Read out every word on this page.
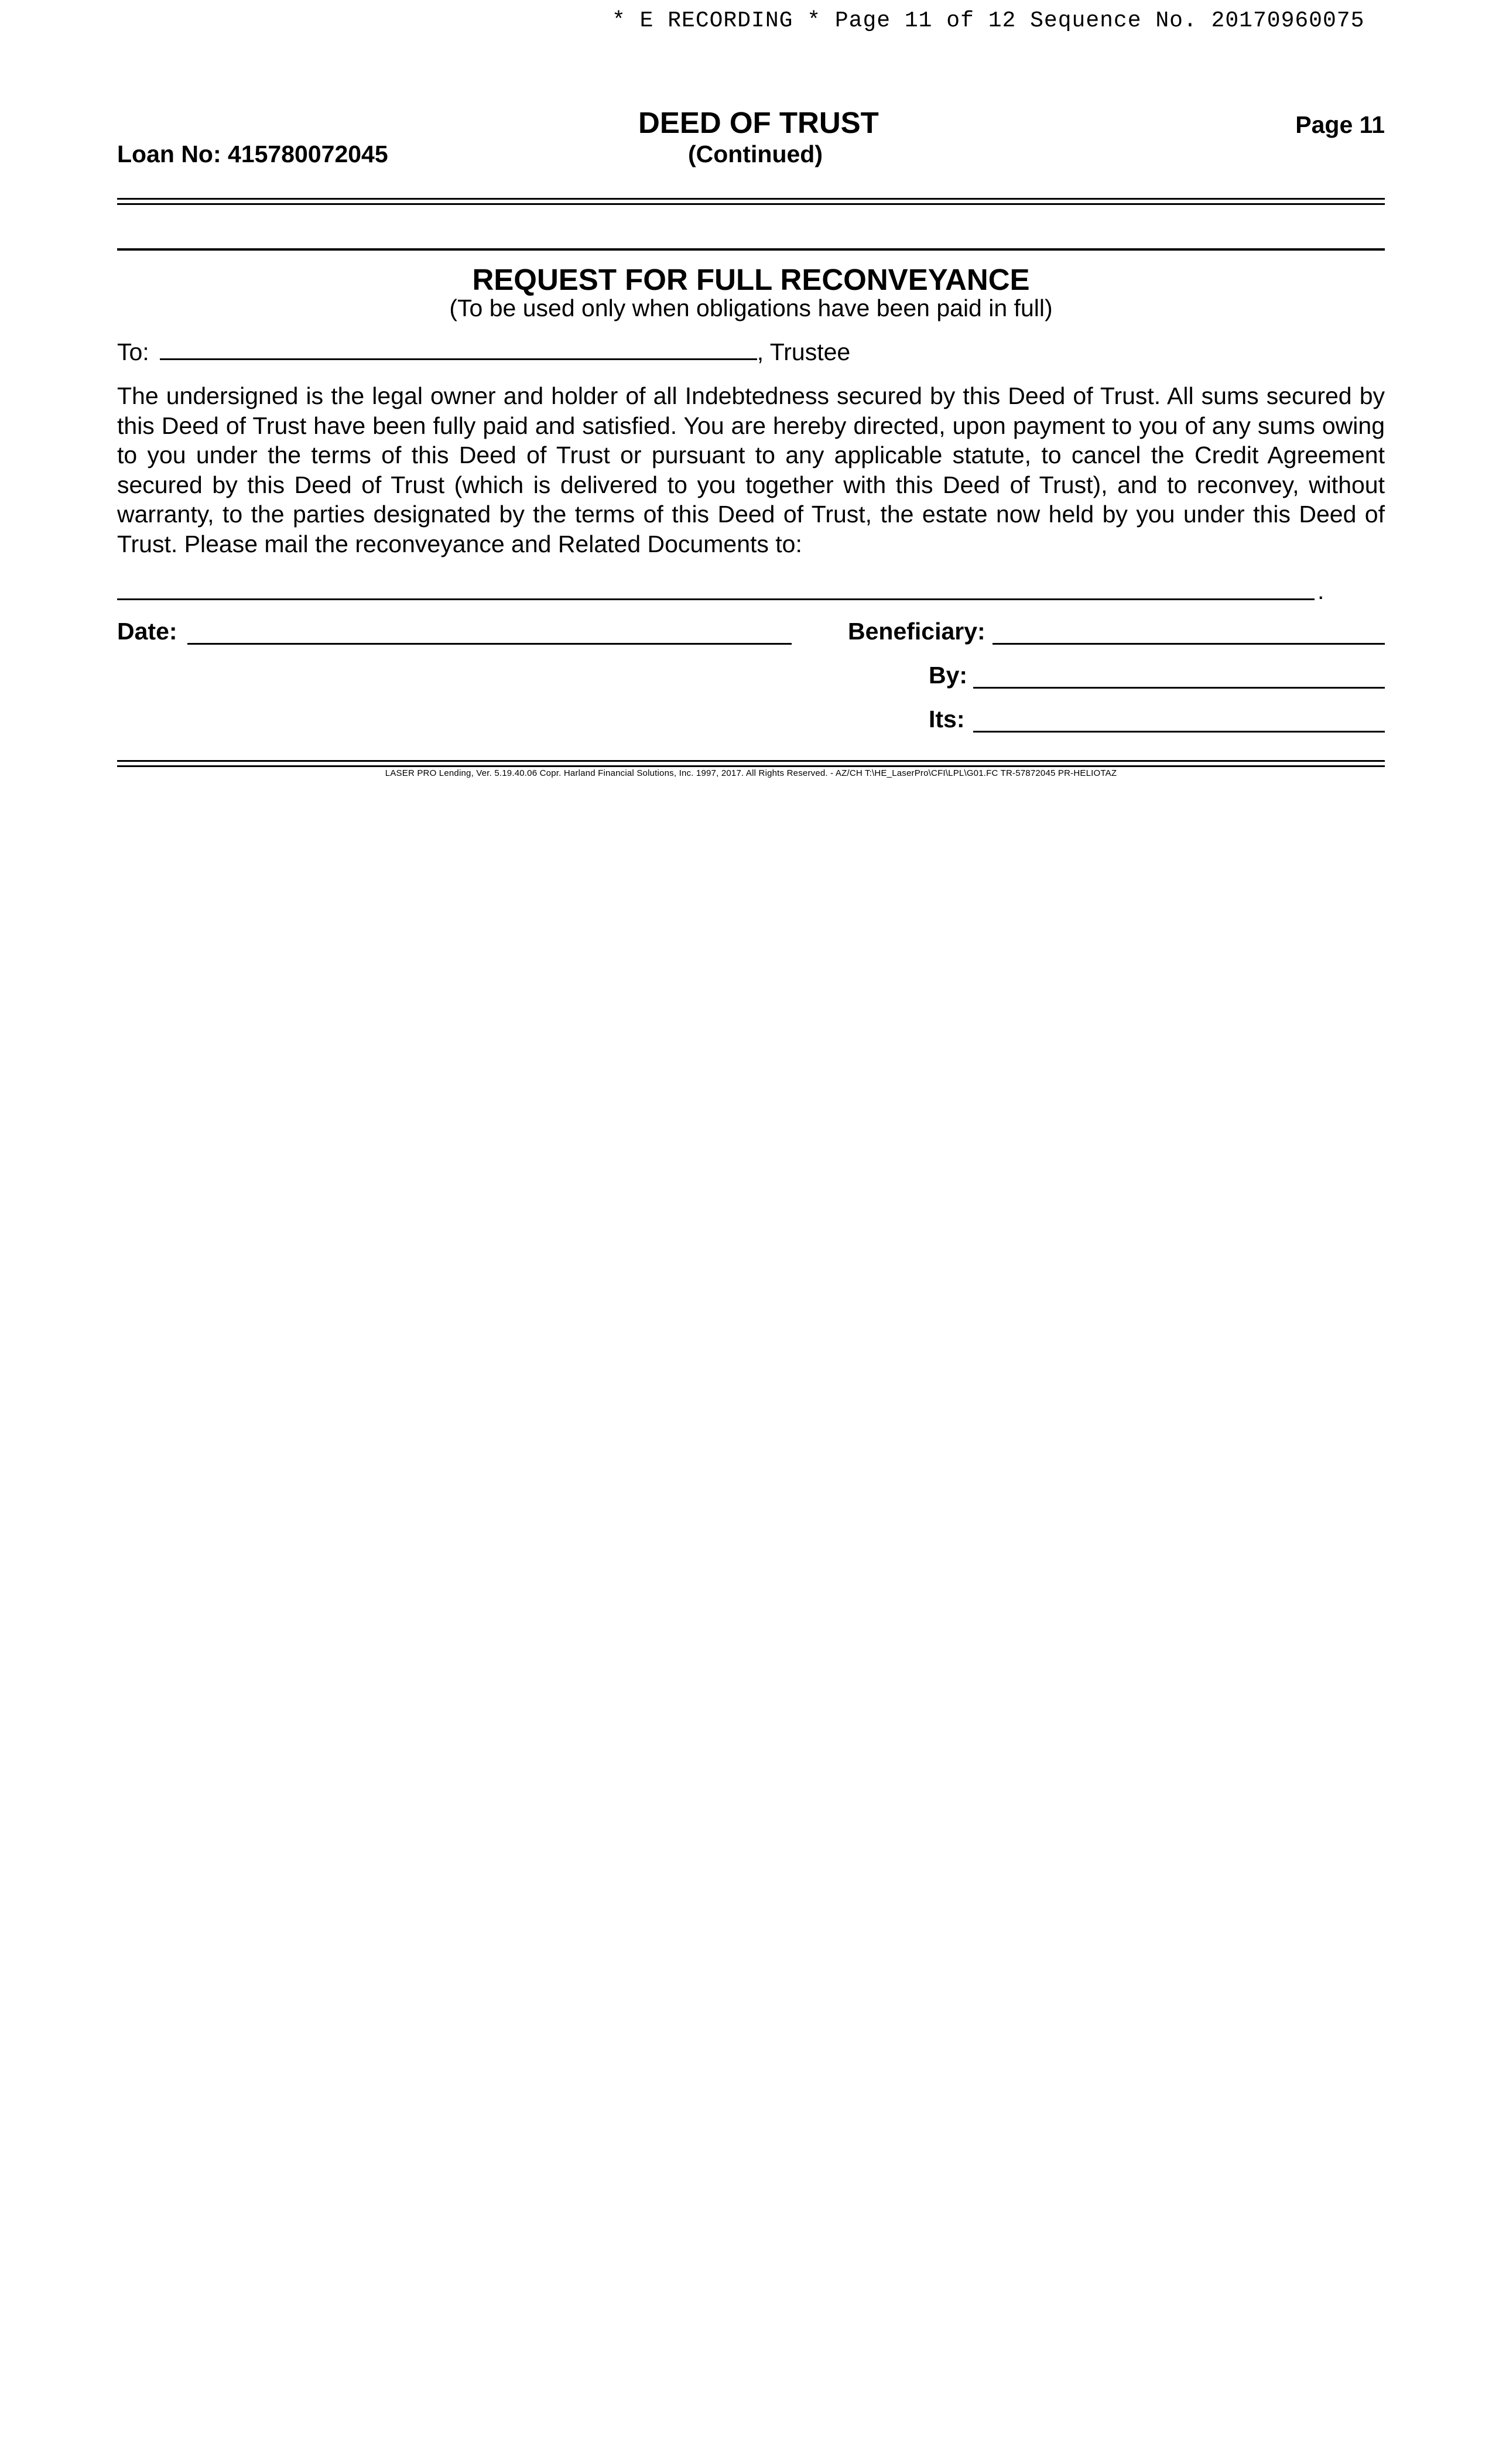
* E RECORDING * Page 11 of 12 Sequence No. 20170960075
Loan No: 415780072045
DEED OF TRUST
(Continued)
Page 11
REQUEST FOR FULL RECONVEYANCE
(To be used only when obligations have been paid in full)
To:	, Trustee
The undersigned is the legal owner and holder of all Indebtedness secured by this Deed of Trust. All sums secured by this Deed of Trust have been fully paid and satisfied. You are hereby directed, upon payment to you of any sums owing to you under the terms of this Deed of Trust or pursuant to any applicable statute, to cancel the Credit Agreement secured by this Deed of Trust (which is delivered to you together with this Deed of Trust), and to reconvey, without warranty, to the parties designated by the terms of this Deed of Trust, the estate now held by you under this Deed of Trust. Please mail the reconveyance and Related Documents to:
.
Date:	Beneficiary:
By:
Its:
LASER PRO Lending, Ver. 5.19.40.06 Copr. Harland Financial Solutions, Inc. 1997, 2017. All Rights Reserved. - AZ/CH T:\HE_LaserPro\CFI\LPL\G01.FC TR-57872045 PR-HELIOTAZ
